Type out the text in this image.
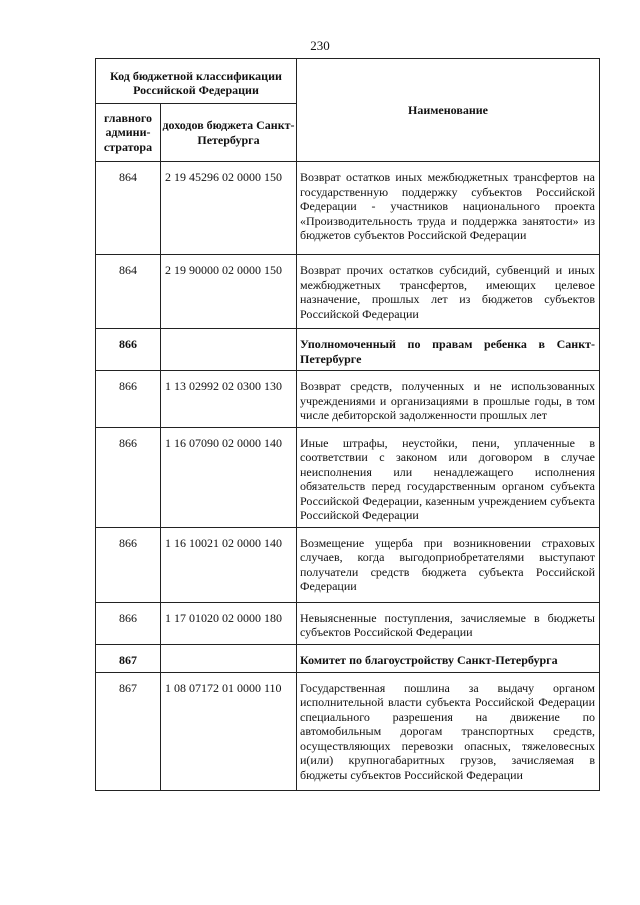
230
Код бюджетной классификации Российской Федерации		Наименование
главного админи-стратора	доходов бюджета Санкт-Петербурга	
864	2 19 45296 02 0000 150	Возврат остатков иных межбюджетных трансфертов на государственную поддержку субъектов Российской Федерации - участников национального проекта «Производительность труда и поддержка занятости» из бюджетов субъектов Российской Федерации
864	2 19 90000 02 0000 150	Возврат прочих остатков субсидий, субвенций и иных межбюджетных трансфертов, имеющих целевое назначение, прошлых лет из бюджетов субъектов Российской Федерации
866		Уполномоченный по правам ребенка в Санкт-Петербурге
866	1 13 02992 02 0300 130	Возврат средств, полученных и не использованных учреждениями и организациями в прошлые годы, в том числе дебиторской задолженности прошлых лет
866	1 16 07090 02 0000 140	Иные штрафы, неустойки, пени, уплаченные в соответствии с законом или договором в случае неисполнения или ненадлежащего исполнения обязательств перед государственным органом субъекта Российской Федерации, казенным учреждением субъекта Российской Федерации
866	1 16 10021 02 0000 140	Возмещение ущерба при возникновении страховых случаев, когда выгодоприобретателями выступают получатели средств бюджета субъекта Российской Федерации
866	1 17 01020 02 0000 180	Невыясненные поступления, зачисляемые в бюджеты субъектов Российской Федерации
867		Комитет по благоустройству Санкт-Петербурга
867	1 08 07172 01 0000 110	Государственная пошлина за выдачу органом исполнительной власти субъекта Российской Федерации специального разрешения на движение по автомобильным дорогам транспортных средств, осуществляющих перевозки опасных, тяжеловесных и(или) крупногабаритных грузов, зачисляемая в бюджеты субъектов Российской Федерации
